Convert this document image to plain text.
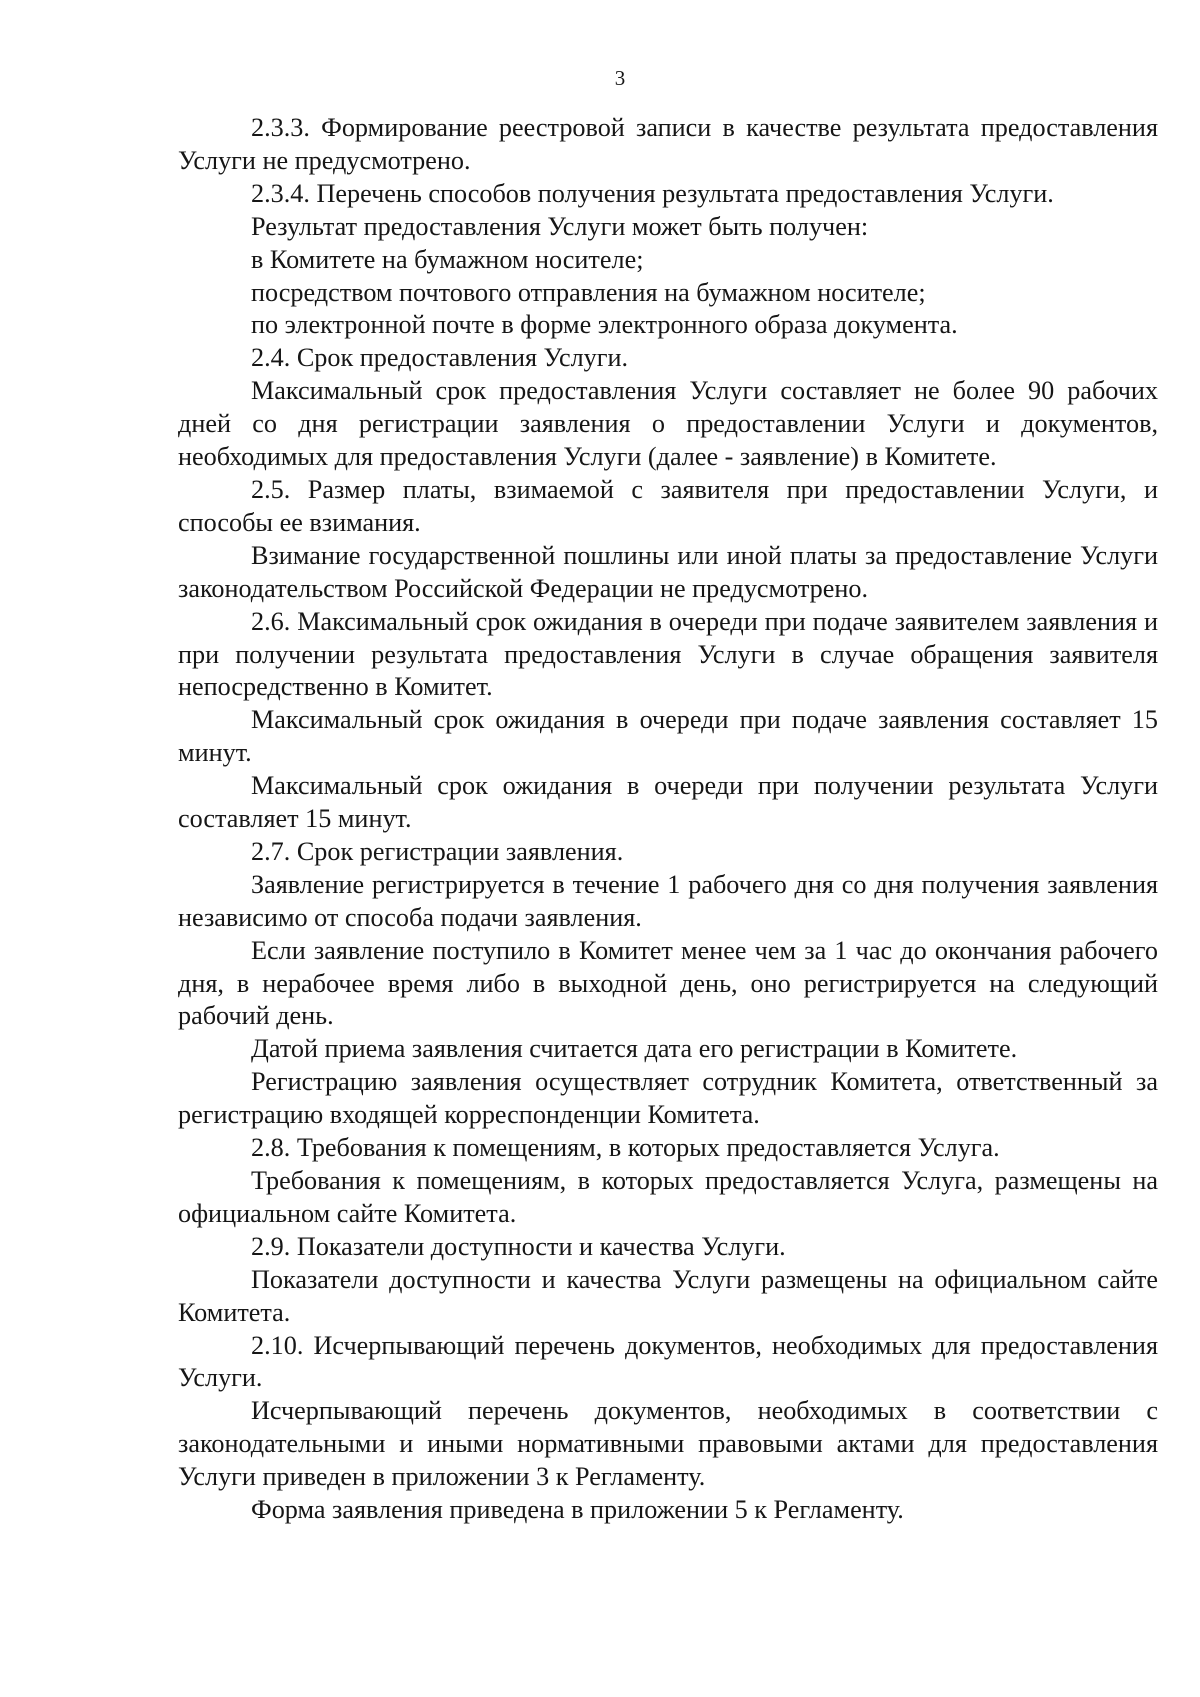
3

2.3.3. Формирование реестровой записи в качестве результата предоставления Услуги не предусмотрено.

2.3.4. Перечень способов получения результата предоставления Услуги.

Результат предоставления Услуги может быть получен:

в Комитете на бумажном носителе;

посредством почтового отправления на бумажном носителе;

по электронной почте в форме электронного образа документа.

2.4. Срок предоставления Услуги.

Максимальный срок предоставления Услуги составляет не более 90 рабочих дней со дня регистрации заявления о предоставлении Услуги и документов, необходимых для предоставления Услуги (далее - заявление) в Комитете.

2.5. Размер платы, взимаемой с заявителя при предоставлении Услуги, и способы ее взимания.

Взимание государственной пошлины или иной платы за предоставление Услуги законодательством Российской Федерации не предусмотрено.

2.6. Максимальный срок ожидания в очереди при подаче заявителем заявления и при получении результата предоставления Услуги в случае обращения заявителя непосредственно в Комитет.

Максимальный срок ожидания в очереди при подаче заявления составляет 15 минут.

Максимальный срок ожидания в очереди при получении результата Услуги составляет 15 минут.

2.7. Срок регистрации заявления.

Заявление регистрируется в течение 1 рабочего дня со дня получения заявления независимо от способа подачи заявления.

Если заявление поступило в Комитет менее чем за 1 час до окончания рабочего дня, в нерабочее время либо в выходной день, оно регистрируется на следующий рабочий день.

Датой приема заявления считается дата его регистрации в Комитете.

Регистрацию заявления осуществляет сотрудник Комитета, ответственный за регистрацию входящей корреспонденции Комитета.

2.8. Требования к помещениям, в которых предоставляется Услуга.

Требования к помещениям, в которых предоставляется Услуга, размещены на официальном сайте Комитета.

2.9. Показатели доступности и качества Услуги.

Показатели доступности и качества Услуги размещены на официальном сайте Комитета.

2.10. Исчерпывающий перечень документов, необходимых для предоставления Услуги.

Исчерпывающий перечень документов, необходимых в соответствии с законодательными и иными нормативными правовыми актами для предоставления Услуги приведен в приложении 3 к Регламенту.

Форма заявления приведена в приложении 5 к Регламенту.
